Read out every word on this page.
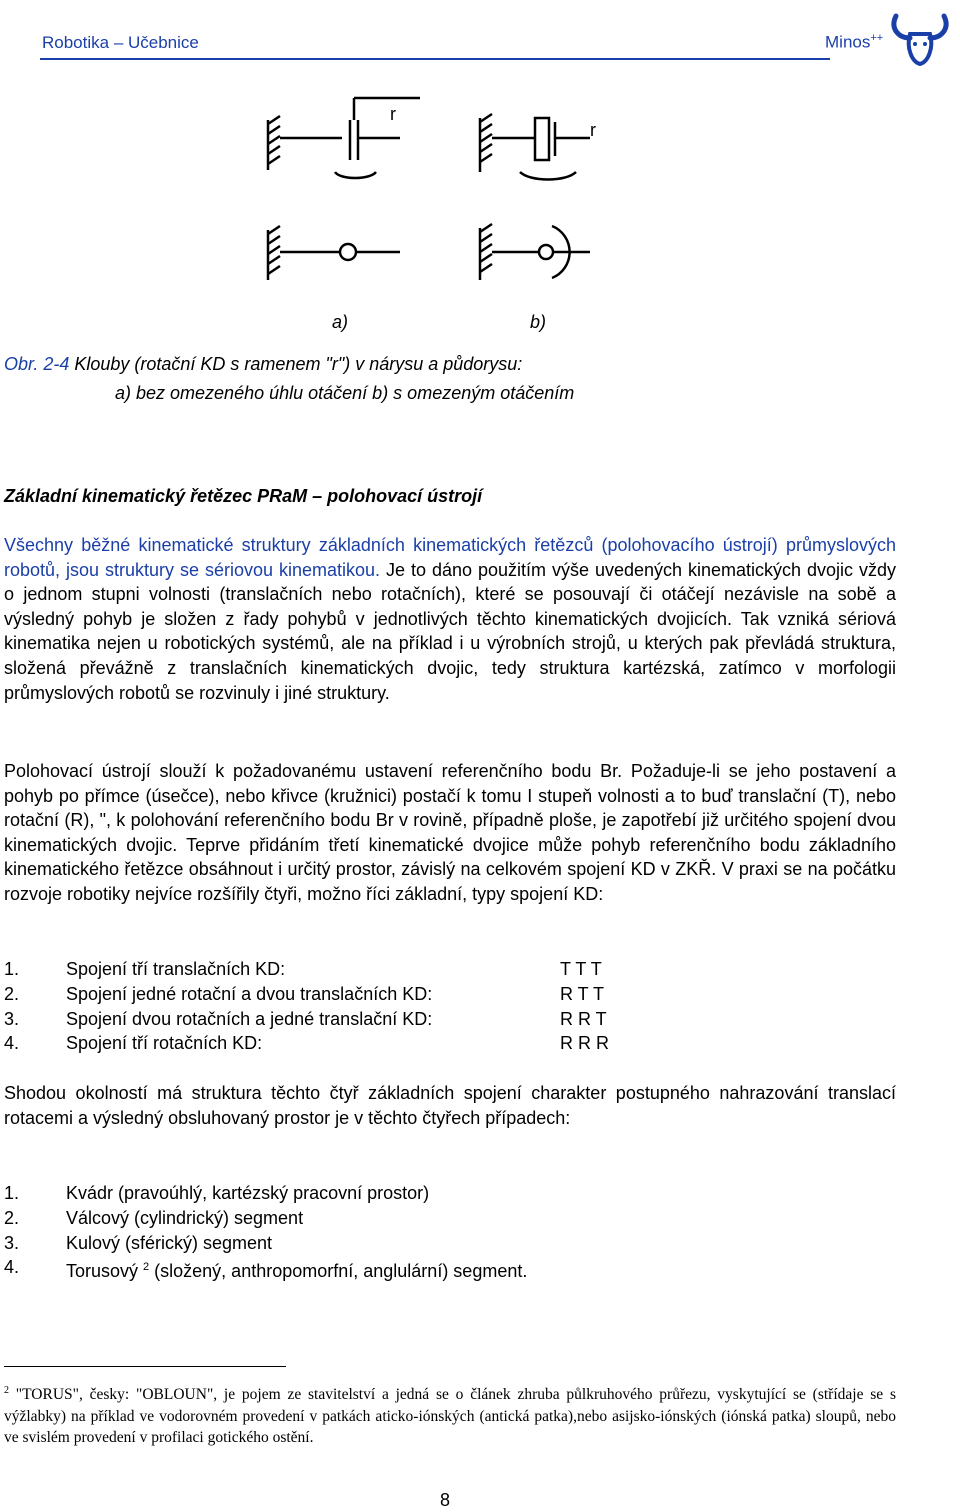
Robotika – Učebnice	Minos++
r
r
a)	b)
Obr. 2-4 Klouby (rotační KD s ramenem "r") v nárysu a půdorysu:
a) bez omezeného úhlu otáčení b) s omezeným otáčením
Základní kinematický řetězec PRaM – polohovací ústrojí
Všechny běžné kinematické struktury základních kinematických řetězců (polohovacího ústrojí) průmyslových robotů, jsou struktury se sériovou kinematikou. Je to dáno použitím výše uvedených kinematických dvojic vždy o jednom stupni volnosti (translačních nebo rotačních), které se posouvají či otáčejí nezávisle na sobě a výsledný pohyb je složen z řady pohybů v jednotlivých těchto kinematických dvojicích. Tak vzniká sériová kinematika nejen u robotických systémů, ale na příklad i u výrobních strojů, u kterých pak převládá struktura, složená převážně z translačních kinematických dvojic, tedy struktura kartézská, zatímco v morfologii průmyslových robotů se rozvinuly i jiné struktury.
Polohovací ústrojí slouží k požadovanému ustavení referenčního bodu Br. Požaduje-li se jeho postavení a pohyb po přímce (úsečce), nebo křivce (kružnici) postačí k tomu I stupeň volnosti a to buď translační (T), nebo rotační (R), ", k polohování referenčního bodu Br v rovině, případně ploše, je zapotřebí již určitého spojení dvou kinematických dvojic. Teprve přidáním třetí kinematické dvojice může pohyb referenčního bodu základního kinematického řetězce obsáhnout i určitý prostor, závislý na celkovém spojení KD v ZKŘ. V praxi se na počátku rozvoje robotiky nejvíce rozšířily čtyři, možno říci základní, typy spojení KD:
1.	Spojení tří translačních KD:	T T T
2.	Spojení jedné rotační a dvou translačních KD:	R T T
3.	Spojení dvou rotačních a jedné translační KD:	R R T
4.	Spojení tří rotačních KD:	R R R
Shodou okolností má struktura těchto čtyř základních spojení charakter postupného nahrazování translací rotacemi a výsledný obsluhovaný prostor je v těchto čtyřech případech:
1.	Kvádr (pravoúhlý, kartézský pracovní prostor)
2.	Válcový (cylindrický) segment
3.	Kulový (sférický) segment
4.	Torusový $^2$ (složený, anthropomorfní, anglulární) segment.
$^2$ "TORUS", česky: "OBLOUN", je pojem ze stavitelství a jedná se o článek zhruba půlkruhového průřezu, vyskytující se (střídaje se s výžlabky) na příklad ve vodorovném provedení v patkách aticko-iónských (antická patka),nebo asijsko-iónských (iónská patka) sloupů, nebo ve svislém provedení v profilaci gotického ostění.
8
